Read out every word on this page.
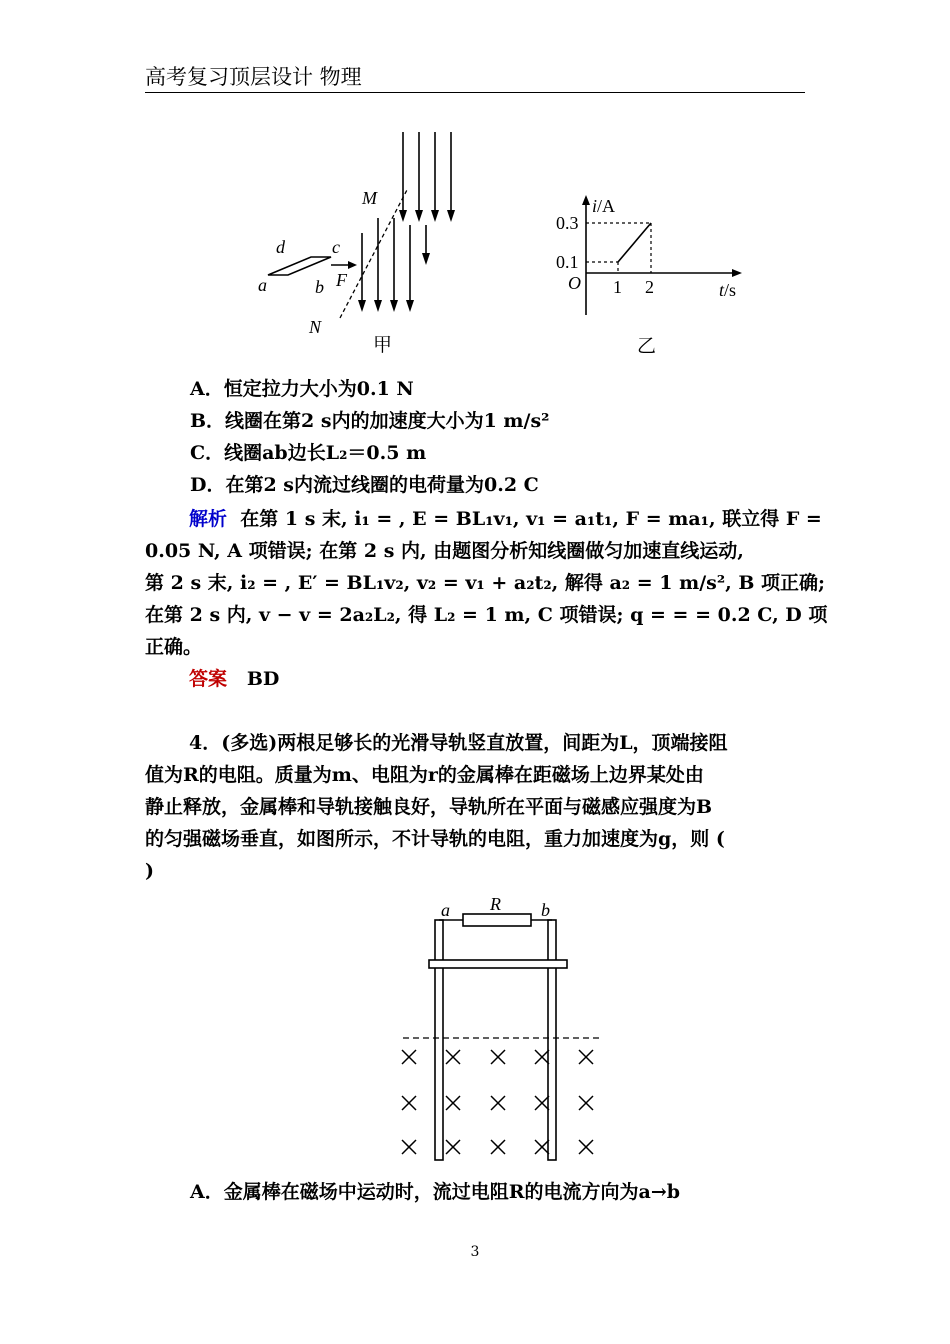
高考复习顶层设计 物理
d	c
a	b F
M
N
甲
i/A
t/s
O
0.3
0.1
1 2
乙
A．恒定拉力大小为0.1 N
B．线圈在第2 s内的加速度大小为1 m/s²
C．线圈ab边长L₂＝0.5 m
D．在第2 s内流过线圈的电荷量为0.2 C
解析 在第 1 s 末, i₁ = , E = BL₁v₁, v₁ = a₁t₁, F = ma₁, 联立得 F =
0.05 N, A 项错误; 在第 2 s 内, 由题图分析知线圈做匀加速直线运动,
第 2 s 末, i₂ = , E′ = BL₁v₂, v₂ = v₁ + a₂t₂, 解得 a₂ = 1 m/s², B 项正确;
在第 2 s 内, v − v = 2a₂L₂, 得 L₂ = 1 m, C 项错误; q = = = 0.2 C, D 项
正确。
答案 BD
4．(多选)两根足够长的光滑导轨竖直放置，间距为L，顶端接阻
值为R的电阻。质量为m、电阻为r的金属棒在距磁场上边界某处由
静止释放，金属棒和导轨接触良好，导轨所在平面与磁感应强度为B
的匀强磁场垂直，如图所示，不计导轨的电阻，重力加速度为g，则 (
)
a R b
A．金属棒在磁场中运动时，流过电阻R的电流方向为a→b
3
